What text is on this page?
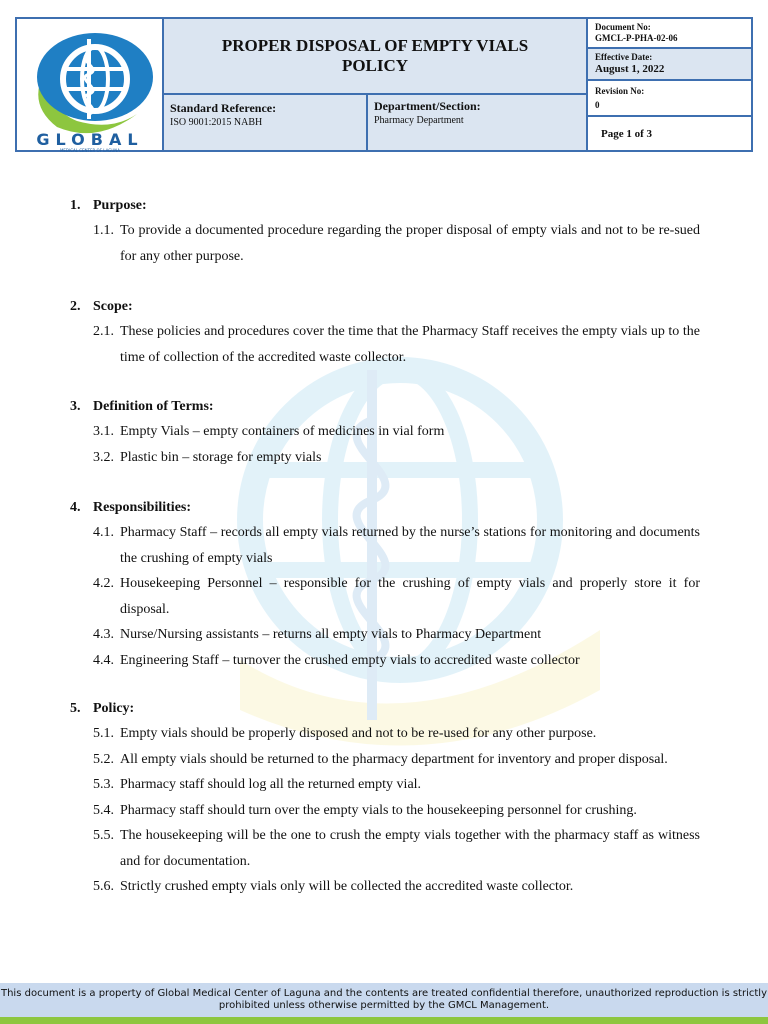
GLOBAL
MEDICAL CENTER OF LAGUNA
PROPER DISPOSAL OF EMPTY VIALS POLICY
Standard Reference:
ISO 9001:2015 NABH
Department/Section:
Pharmacy Department
Document No:
GMCL-P-PHA-02-06
Effective Date:
August 1, 2022
Revision No:
0
Page 1 of 3
1. Purpose:
1.1. To provide a documented procedure regarding the proper disposal of empty vials and not to be re-sued for any other purpose.
2. Scope:
2.1. These policies and procedures cover the time that the Pharmacy Staff receives the empty vials up to the time of collection of the accredited waste collector.
3. Definition of Terms:
3.1. Empty Vials – empty containers of medicines in vial form
3.2. Plastic bin – storage for empty vials
4. Responsibilities:
4.1. Pharmacy Staff – records all empty vials returned by the nurse’s stations for monitoring and documents the crushing of empty vials
4.2. Housekeeping Personnel – responsible for the crushing of empty vials and properly store it for disposal.
4.3. Nurse/Nursing assistants – returns all empty vials to Pharmacy Department
4.4. Engineering Staff – turnover the crushed empty vials to accredited waste collector
5. Policy:
5.1. Empty vials should be properly disposed and not to be re-used for any other purpose.
5.2. All empty vials should be returned to the pharmacy department for inventory and proper disposal.
5.3. Pharmacy staff should log all the returned empty vial.
5.4. Pharmacy staff should turn over the empty vials to the housekeeping personnel for crushing.
5.5. The housekeeping will be the one to crush the empty vials together with the pharmacy staff as witness and for documentation.
5.6. Strictly crushed empty vials only will be collected the accredited waste collector.
This document is a property of Global Medical Center of Laguna and the contents are treated confidential therefore, unauthorized reproduction is strictly prohibited unless otherwise permitted by the GMCL Management.
